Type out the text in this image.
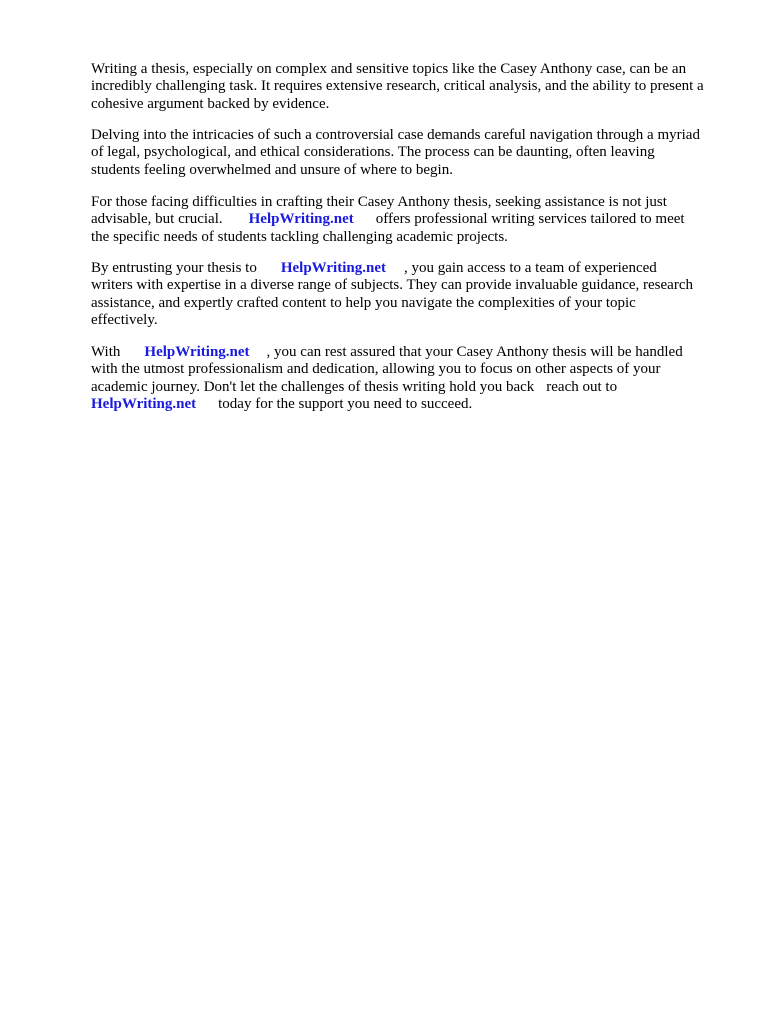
Writing a thesis, especially on complex and sensitive topics like the Casey Anthony case, can be an
incredibly challenging task. It requires extensive research, critical analysis, and the ability to present a
cohesive argument backed by evidence.

Delving into the intricacies of such a controversial case demands careful navigation through a myriad
of legal, psychological, and ethical considerations. The process can be daunting, often leaving
students feeling overwhelmed and unsure of where to begin.

For those facing difficulties in crafting their Casey Anthony thesis, seeking assistance is not just
advisable, but crucial. HelpWriting.net offers professional writing services tailored to meet
the specific needs of students tackling challenging academic projects.

By entrusting your thesis to HelpWriting.net , you gain access to a team of experienced
writers with expertise in a diverse range of subjects. They can provide invaluable guidance, research
assistance, and expertly crafted content to help you navigate the complexities of your topic
effectively.

With HelpWriting.net , you can rest assured that your Casey Anthony thesis will be handled
with the utmost professionalism and dedication, allowing you to focus on other aspects of your
academic journey. Don't let the challenges of thesis writing hold you back reach out to
HelpWriting.net today for the support you need to succeed.
